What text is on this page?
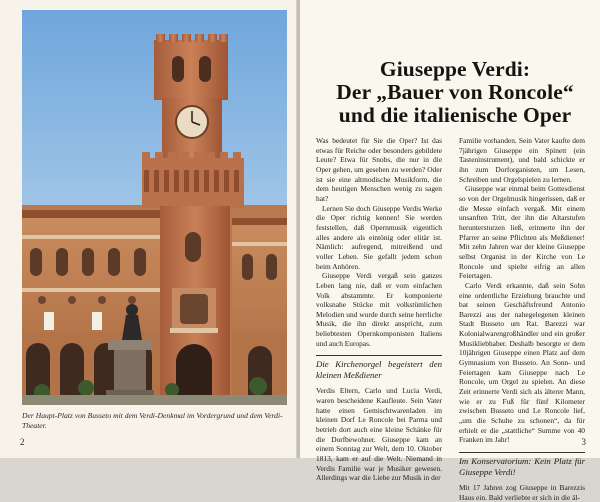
Der Haupt-Platz von Busseto mit dem Verdi-Denkmal im Vordergrund und dem Verdi-Theater.
2
Giuseppe Verdi:
Der „Bauer von Roncole“
und die italienische Oper

Was bedeutet für Sie die Oper? Ist das etwas für Reiche oder besonders gebildete Leute? Etwa für Snobs, die nur in die Oper gehen, um gesehen zu werden? Oder ist sie eine altmodische Musikform, die dem heutigen Menschen wenig zu sagen hat?

Lernen Sie doch Giuseppe Verdis Werke die Oper richtig kennen! Sie werden feststellen, daß Opernmusik eigentlich alles andere als eintönig oder elitär ist. Nämlich: aufregend, mitreißend und voller Leben. Sie gefallt jedem schon beim Anhören.

Giuseppe Verdi vergaß sein ganzes Leben lang nie, daß er vom einfachen Volk abstammte. Er komponierte volksnahe Stücke mit volkstümlichen Melodien und wurde durch seine herrliche Musik, die ihn direkt anspricht, zum beliebtesten Opernkomponisten Italiens und auch Europas.

Die Kirchenorgel begeistert den kleinen Meßdiener

Verdis Eltern, Carlo und Lucia Verdi, waren bescheidene Kaufleute. Sein Vater hatte einen Gemischtwarenladen im kleinen Dorf Le Roncole bei Parma und betrieb dort auch eine kleine Schänke für die Dorfbewohner. Giuseppe kam an einem Sonntag zur Welt, dem 10. Oktober 1813, kam er auf die Welt. Niemand in Verdis Familie war je Musiker gewesen. Allerdings war die Liebe zur Musik in der

Familie vorhanden. Sein Vater kaufte dem 7jährigen Giuseppe ein Spinett (ein Tasteninstrument), und bald schickte er ihn zum Dorforganisten, um Lesen, Schreiben und Orgelspielen zu lernen.

Giuseppe war einmal beim Gottesdienst so von der Orgelmusik hingerissen, daß er die Messe einfach vergaß. Mit einem unsanften Tritt, der ihn die Altarstufen heruntersturzen ließ, erinnerte ihn der Pfarrer an seine Pflichten als Meßdiener! Mit zehn Jahren war der kleine Giuseppe selbst Organist in der Kirche von Le Roncole und spielte eifrig an allen Feiertagen.

Carlo Verdi erkannte, daß sein Sohn eine ordentliche Erziehung brauchte und bat seinen Geschäftsfreund Antonio Barezzi aus der nahegelegenen kleinen Stadt Busseto um Rat. Barezzi war Kolonialwarengroßhändler und ein großer Musikliebhaber. Deshalb besorgte er dem 10jährigen Giuseppe einen Platz auf dem Gymnasium von Busseto. An Sonn- und Feiertagen kam Giuseppe nach Le Roncole, um Orgel zu spielen. An diese Zeit erinnerte Verdi sich als älterer Mann, wie er zu Fuß für fünf Kilometer zwischen Busseto und Le Roncole lief, „um die Schuhe zu schonen“, da für erhielt er die „stattliche“ Summe von 40 Franken im Jahr!

Im Konservatorium: Kein Platz für Giuseppe Verdi!

Mit 17 Jahren zog Giuseppe in Barezzis Haus ein. Bald verliebte er sich in die äl-

3
